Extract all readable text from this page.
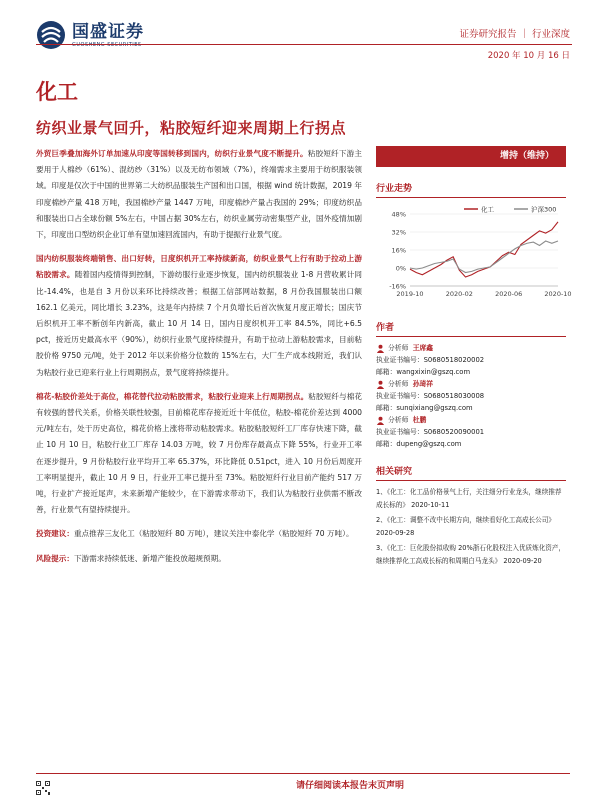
国盛证券	证券研究报告 ｜ 行业深度
2020 年 10 月 16 日
化工
纺织业景气回升，粘胶短纤迎来周期上行拐点

外贸巨季叠加海外订单加速从印度等国转移到国内，纺织行业景气度不断提升。粘胶短纤下游主要用于人棉纱（61%）、混纺纱（31%）以及无纺布领域（7%），终端需求主要用于纺织服装领域。印度是仅次于中国的世界第二大纺织品服装生产国和出口国，根据 wind 统计数据，2019 年印度棉纱产量 418 万吨，我国棉纱产量 1447 万吨，印度棉纱产量占我国的 29%；印度纺织品和服装出口占全球份额 5%左右，中国占据 30%左右，纺织业属劳动密集型产业，国外疫情加剧下，印度出口型纺织企业订单有望加速回流国内，有助于提振行业景气度。

国内纺织服装终端销售、出口好转，日度织机开工率持续新高，纺织业景气上行有助于拉动上游粘胶需求。随着国内疫情得到控制，下游纺服行业逐步恢复，国内纺织服装业 1-8 月营收累计同比-14.4%，也是自 3 月份以来环比持续改善；根据工信部网站数据，8 月份我国服装出口额 162.1 亿美元，同比增长 3.23%，这是年内持续 7 个月负增长后首次恢复月度正增长；国庆节后织机开工率不断创年内新高，截止 10 月 14 日，国内日度织机开工率 84.5%，同比+6.5 pct，接近历史最高水平（90%），纺织行业景气度持续提升，有助于拉动上游粘胶需求，目前粘胶价格 9750 元/吨，处于 2012 年以来价格分位数的 15%左右，大厂生产成本线附近，我们认为粘胶行业已迎来行业上行周期拐点，景气度将持续提升。

棉花-粘胶价差处于高位，棉花替代拉动粘胶需求，粘胶行业迎来上行周期拐点。粘胶短纤与棉花有较强的替代关系，价格关联性较强，目前棉花库存接近近十年低位，粘胶-棉花价差达到 4000 元/吨左右，处于历史高位，棉花价格上涨将带动粘胶需求。粘胶粘胶短纤工厂库存快速下降，截止 10 月 10 日，粘胶行业工厂库存 14.03 万吨，较 7 月份库存最高点下降 55%，行业开工率在逐步提升，9 月份粘胶行业平均开工率 65.37%，环比降低 0.51pct，进入 10 月份后周度开工率明显提升，截止 10 月 9 日，行业开工率已提升至 73%。粘胶短纤行业目前产能约 517 万吨，行业扩产接近尾声，未来新增产能较少，在下游需求带动下，我们认为粘胶行业供需不断改善，行业景气有望持续提升。

投资建议：重点推荐三友化工（粘胶短纤 80 万吨），建议关注中泰化学（粘胶短纤 70 万吨）。

风险提示：下游需求持续低迷、新增产能投放超规预期。

增持（维持）
行业走势
48%
32%
16%
0%
-16%
2019-10	2020-02	2020-06	2020-10
化工	沪深300
作者
分析师
王席鑫
执业证书编号：S0680518020002
邮箱：wangxixin@gszq.com
分析师
孙琦祥
执业证书编号：S0680518030008
邮箱：sunqixiang@gszq.com
分析师
杜鹏
执业证书编号：S0680520090001
邮箱：dupeng@gszq.com
相关研究
1、《化工：化工品价格景气上行，关注细分行业龙头，继续推荐成长标的》 2020-10-11
2、《化工：调整不改中长期方向，继续看好化工高成长公司》 2020-09-28
3、《化工：巨化股份拟收购 20%浙石化股权注入优质炼化资产，继续推荐化工高成长标的和周期白马龙头》 2020-09-20
请仔细阅读本报告末页声明
